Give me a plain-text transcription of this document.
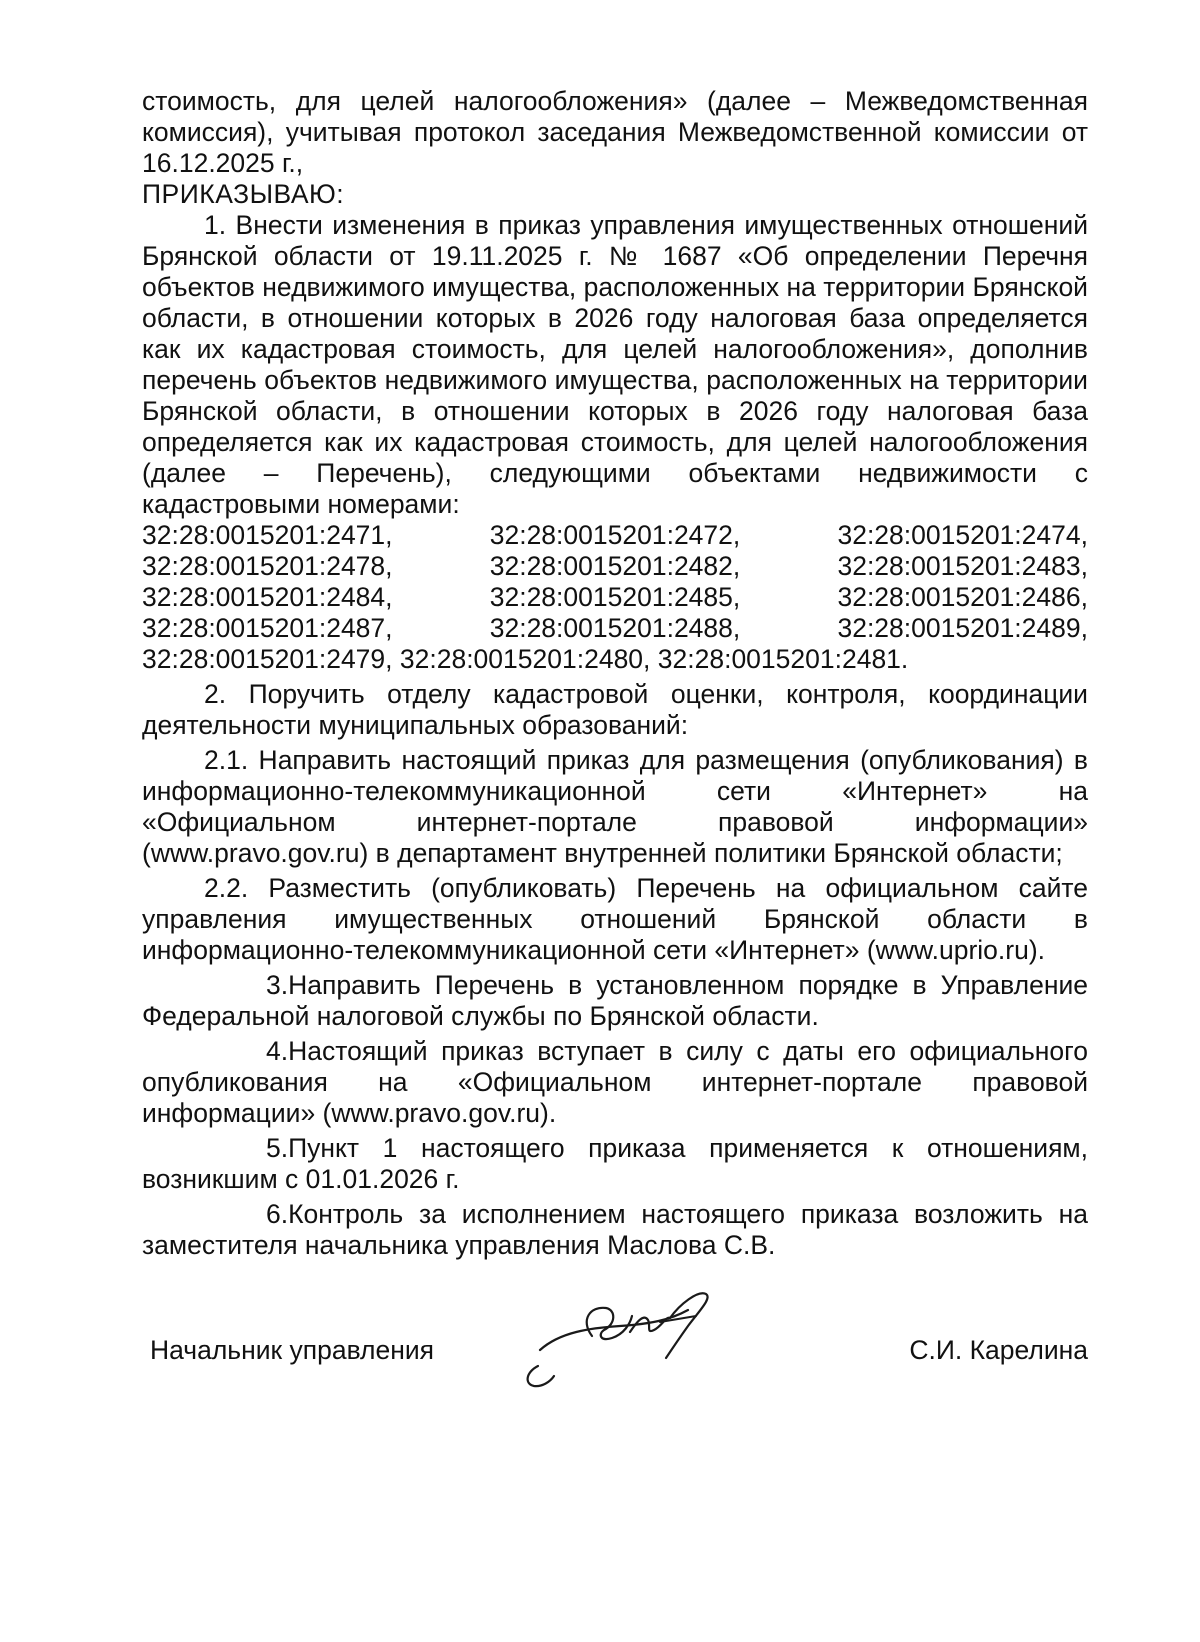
стоимость, для целей налогообложения» (далее – Межведомственная комиссия), учитывая протокол заседания Межведомственной комиссии от 16.12.2025 г.,

ПРИКАЗЫВАЮ:

1. Внести изменения в приказ управления имущественных отношений Брянской области от 19.11.2025 г. № 1687 «Об определении Перечня объектов недвижимого имущества, расположенных на территории Брянской области, в отношении которых в 2026 году налоговая база определяется как их кадастровая стоимость, для целей налогообложения», дополнив перечень объектов недвижимого имущества, расположенных на территории Брянской области, в отношении которых в 2026 году налоговая база определяется как их кадастровая стоимость, для целей налогообложения (далее – Перечень), следующими объектами недвижимости с кадастровыми номерами:

32:28:0015201:2471,	32:28:0015201:2472,	32:28:0015201:2474,
32:28:0015201:2478,	32:28:0015201:2482,	32:28:0015201:2483,
32:28:0015201:2484,	32:28:0015201:2485,	32:28:0015201:2486,
32:28:0015201:2487,	32:28:0015201:2488,	32:28:0015201:2489,

32:28:0015201:2479, 32:28:0015201:2480, 32:28:0015201:2481.

2. Поручить отделу кадастровой оценки, контроля, координации деятельности муниципальных образований:

2.1. Направить настоящий приказ для размещения (опубликования) в информационно-телекоммуникационной сети «Интернет» на «Официальном интернет-портале правовой информации» (www.pravo.gov.ru) в департамент внутренней политики Брянской области;

2.2. Разместить (опубликовать) Перечень на официальном сайте управления имущественных отношений Брянской области в информационно-телекоммуникационной сети «Интернет» (www.uprio.ru).

3.Направить Перечень в установленном порядке в Управление Федеральной налоговой службы по Брянской области.

4.Настоящий приказ вступает в силу с даты его официального опубликования на «Официальном интернет-портале правовой информации» (www.pravo.gov.ru).

5.Пункт 1 настоящего приказа применяется к отношениям, возникшим с 01.01.2026 г.

6.Контроль за исполнением настоящего приказа возложить на заместителя начальника управления Маслова С.В.

Начальник управления	С.И. Карелина
